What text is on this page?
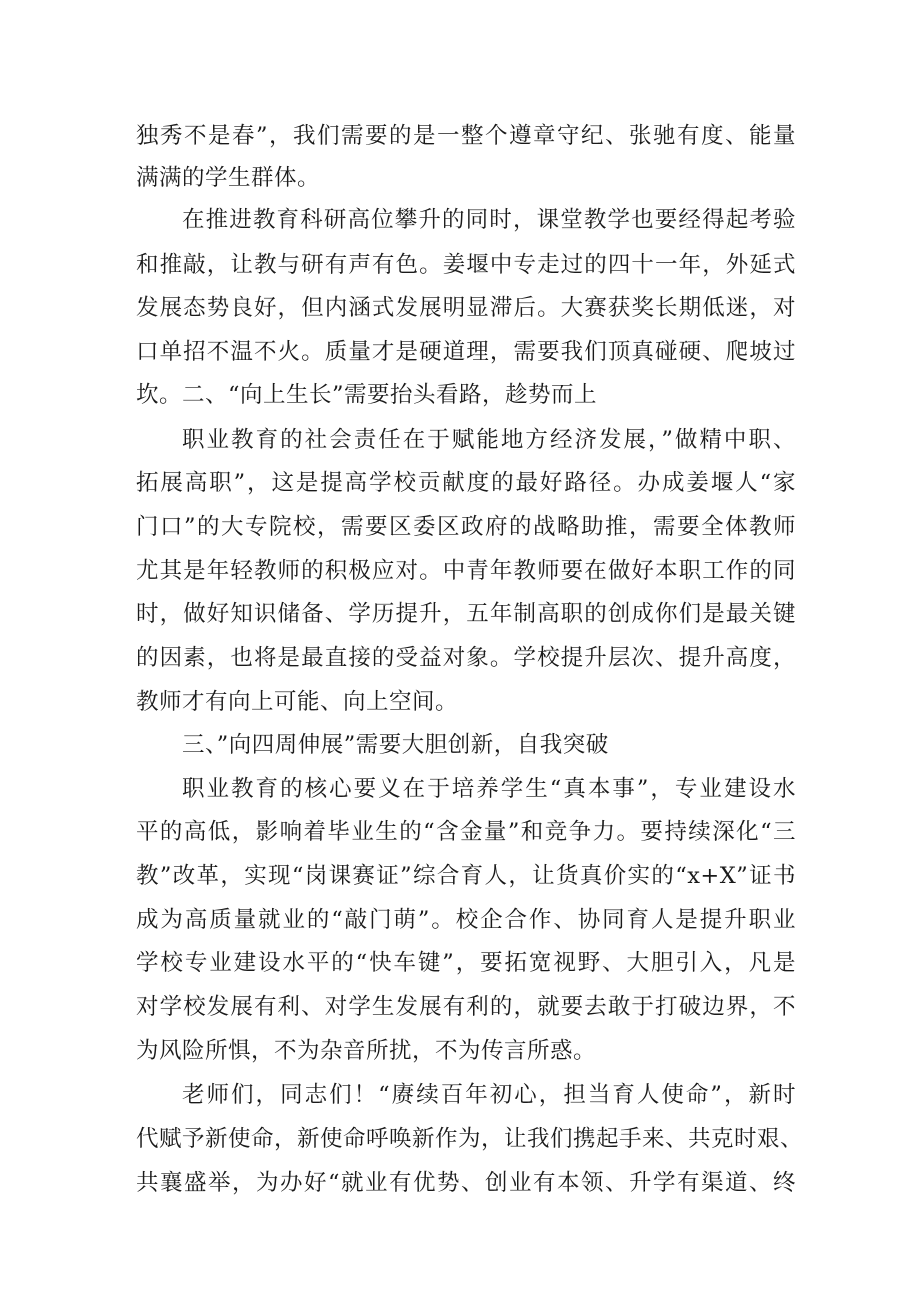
独秀不是春”，我们需要的是一整个遵章守纪、张驰有度、能量
满满的学生群体。
在推进教育科研高位攀升的同时，课堂教学也要经得起考验
和推敲，让教与研有声有色。姜堰中专走过的四十一年，外延式
发展态势良好，但内涵式发展明显滞后。大赛获奖长期低迷，对
口单招不温不火。质量才是硬道理，需要我们顶真碰硬、爬坡过
坎。二、“向上生长”需要抬头看路，趁势而上
职业教育的社会责任在于赋能地方经济发展，”做精中职、
拓展高职”，这是提高学校贡献度的最好路径。办成姜堰人“家
门口”的大专院校，需要区委区政府的战略助推，需要全体教师
尤其是年轻教师的积极应对。中青年教师要在做好本职工作的同
时，做好知识储备、学历提升，五年制高职的创成你们是最关键
的因素，也将是最直接的受益对象。学校提升层次、提升高度，
教师才有向上可能、向上空间。
三、”向四周伸展”需要大胆创新，自我突破
职业教育的核心要义在于培养学生“真本事”，专业建设水
平的高低，影响着毕业生的“含金量”和竞争力。要持续深化“三
教”改革，实现“岗课赛证”综合育人，让货真价实的“x+X”证书
成为高质量就业的“敲门萌”。校企合作、协同育人是提升职业
学校专业建设水平的“快车键”，要拓宽视野、大胆引入，凡是
对学校发展有利、对学生发展有利的，就要去敢于打破边界，不
为风险所惧，不为杂音所扰，不为传言所惑。
老师们，同志们！“赓续百年初心，担当育人使命”，新时
代赋予新使命，新使命呼唤新作为，让我们携起手来、共克时艰、
共襄盛举，为办好“就业有优势、创业有本领、升学有渠道、终
